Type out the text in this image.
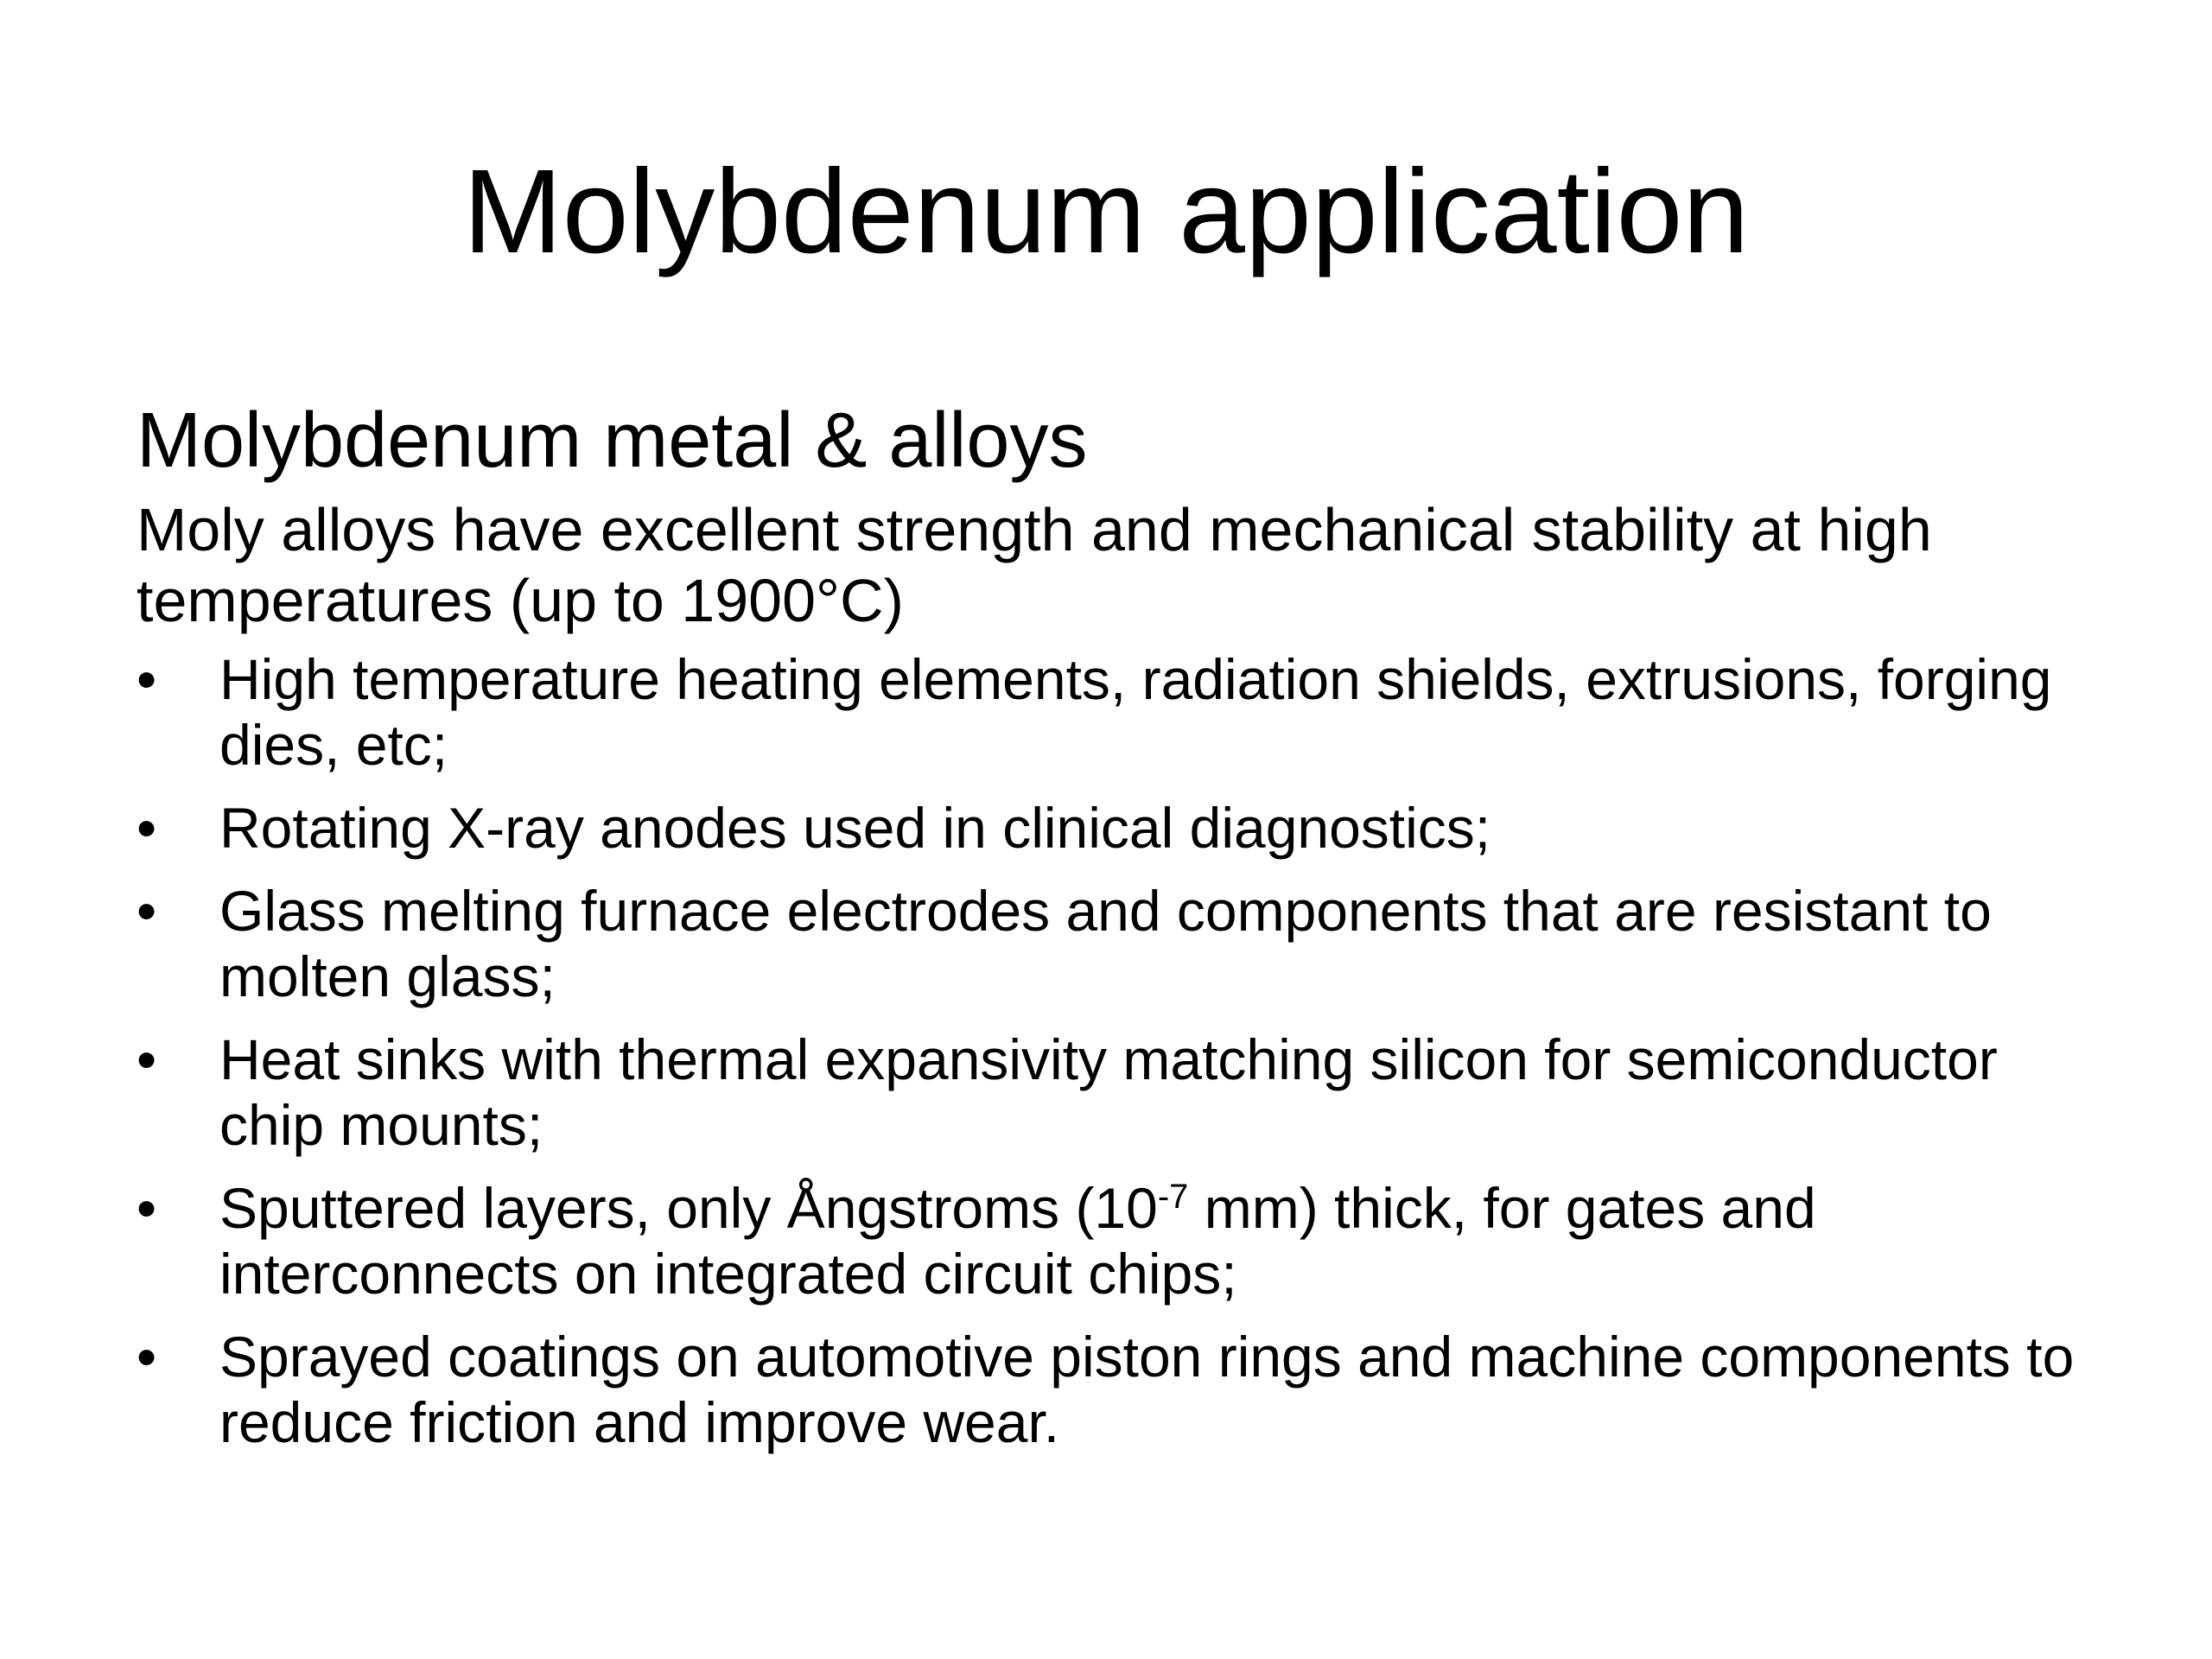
Molybdenum application

Molybdenum metal & alloys

Moly alloys have excellent strength and mechanical stability at high temperatures (up to 1900°C)

• High temperature heating elements, radiation shields, extrusions, forging dies, etc;
• Rotating X-ray anodes used in clinical diagnostics;
• Glass melting furnace electrodes and components that are resistant to molten glass;
• Heat sinks with thermal expansivity matching silicon for semiconductor chip mounts;
• Sputtered layers, only Ångstroms ($10^{-7}$ mm) thick, for gates and interconnects on integrated circuit chips;
• Sprayed coatings on automotive piston rings and machine components to reduce friction and improve wear.
